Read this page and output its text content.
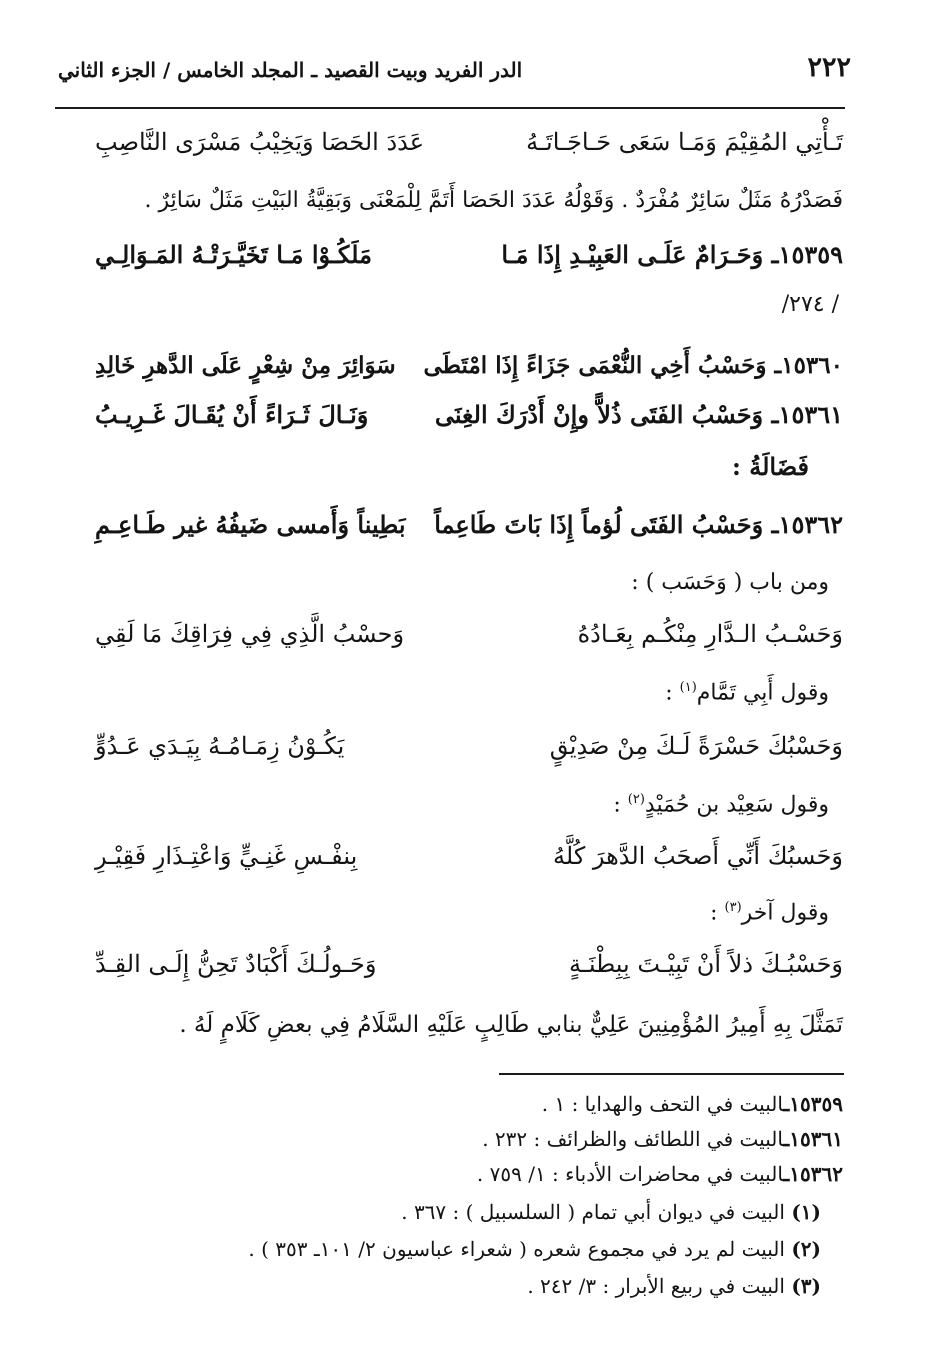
٢٢٢
الدر الفريد وبيت القصيد ـ المجلد الخامس / الجزء الثاني
تَـأْتِي المُقِيْمَ وَمَـا سَعَى حَـاجَـاتَـهُ
عَدَدَ الحَصَا وَيَخِيْبُ مَسْرَى النَّاصِبِ
فَصَدْرُهُ مَثَلٌ سَائِرٌ مُفْرَدٌ . وَقَوْلُهُ عَدَدَ الحَصَا أَتَمَّ لِلْمَعْنَى وَبَقِيَّةُ البَيْتِ مَثَلٌ سَائِرٌ .
١٥٣٥٩ـ وَحَـرَامٌ عَلَـى العَبِيْـدِ إِذَا مَـا
مَلَكُـوْا مَـا تَخَيَّـرَتْـهُ المَـوَالِـي
/ ٢٧٤/
١٥٣٦٠ـ وَحَسْبُ أَخِي النُّعْمَى جَزَاءً إِذَا امْتَطَى
سَوَائِرَ مِنْ شِعْرٍ عَلَى الدَّهرِ خَالِدِ
١٥٣٦١ـ وَحَسْبُ الفَتَى ذُلاًّ وإِنْ أَدْرَكَ الغِنَى
وَنَـالَ ثَـرَاءً أَنْ يُقَـالَ غَـرِيـبُ
فَضَالَةُ :
١٥٣٦٢ـ وَحَسْبُ الفَتَى لُؤماً إِذَا بَاتَ طَاعِماً
بَطِيناً وَأَمسى ضَيفُهُ غير طَـاعِـمِ
ومن باب ( وَحَسَب ) :
وَحَسْـبُ الـدَّارِ مِنْكُـم بِعَـادُهُ
وَحسْبُ الَّذِي فِي فِرَاقِكَ مَا لَقِي
وقول أَبِي تَمَّام$^{(١)}$ :
وَحَسْبُكَ حَسْرَةً لَـكَ مِنْ صَدِيْقٍ
يَكُـوْنُ زِمَـامُـهُ بِيَـدَي عَـدُوٍّ
وقول سَعِيْد بن حُمَيْدٍ$^{(٢)}$ :
وَحَسبُكَ أَنِّي أَصحَبُ الدَّهرَ كُلَّهُ
بِنفْـسِ غَنِـيٍّ وَاعْتِـذَارِ فَقِيْـرِ
وقول آخر$^{(٣)}$ :
وَحَسْبُـكَ ذلاً أَنْ تَبِيْـتَ بِبِطْنَـةٍ
وَحَـولُـكَ أَكْبَادٌ تَحِنُّ إِلَـى القِـدِّ
تَمَثَّلَ بِهِ أَمِيرُ المُؤْمِنِينَ عَلِيٌّ بنابي طَالِبٍ عَلَيْهِ السَّلَامُ فِي بعضِ كَلَامٍ لَهُ .
١٥٣٥٩ـالبيت في التحف والهدايا : ١ .
١٥٣٦١ـالبيت في اللطائف والظرائف : ٢٣٢ .
١٥٣٦٢ـالبيت في محاضرات الأدباء : ١/ ٧٥٩ .
(١) البيت في ديوان أبي تمام ( السلسبيل ) : ٣٦٧ .
(٢) البيت لم يرد في مجموع شعره ( شعراء عباسيون ٢/ ١٠١ـ ٣٥٣ ) .
(٣) البيت في ربيع الأبرار : ٣/ ٢٤٢ .
